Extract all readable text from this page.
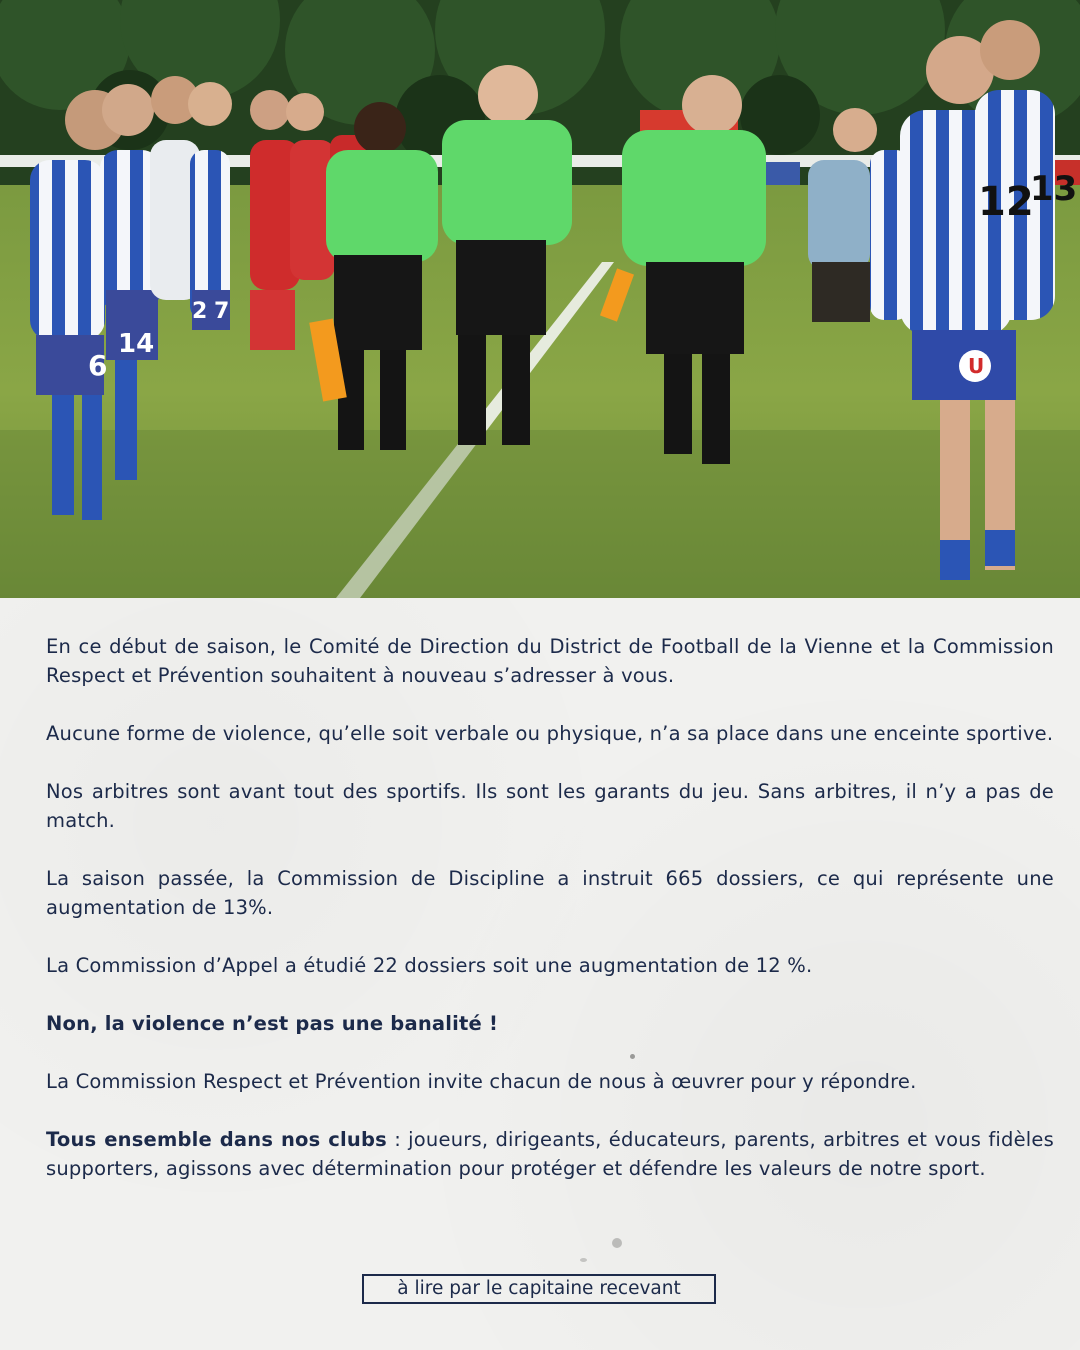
6
14
2 7
12
13
U

En ce début de saison, le Comité de Direction du District de Football de la Vienne et la Commission Respect et Prévention souhaitent à nouveau s’adresser à vous.

Aucune forme de violence, qu’elle soit verbale ou physique, n’a sa place dans une enceinte sportive.

Nos arbitres sont avant tout des sportifs. Ils sont les garants du jeu. Sans arbitres, il n’y a pas de match.

La saison passée, la Commission de Discipline a instruit 665 dossiers, ce qui représente une augmentation de 13%.

La Commission d’Appel a étudié 22 dossiers soit une augmentation de 12 %.

Non, la violence n’est pas une banalité !

La Commission Respect et Prévention invite chacun de nous à œuvrer pour y répondre.

Tous ensemble dans nos clubs : joueurs, dirigeants, éducateurs, parents, arbitres et vous fidèles supporters, agissons avec détermination pour protéger et défendre les valeurs de notre sport.

à lire par le capitaine recevant
